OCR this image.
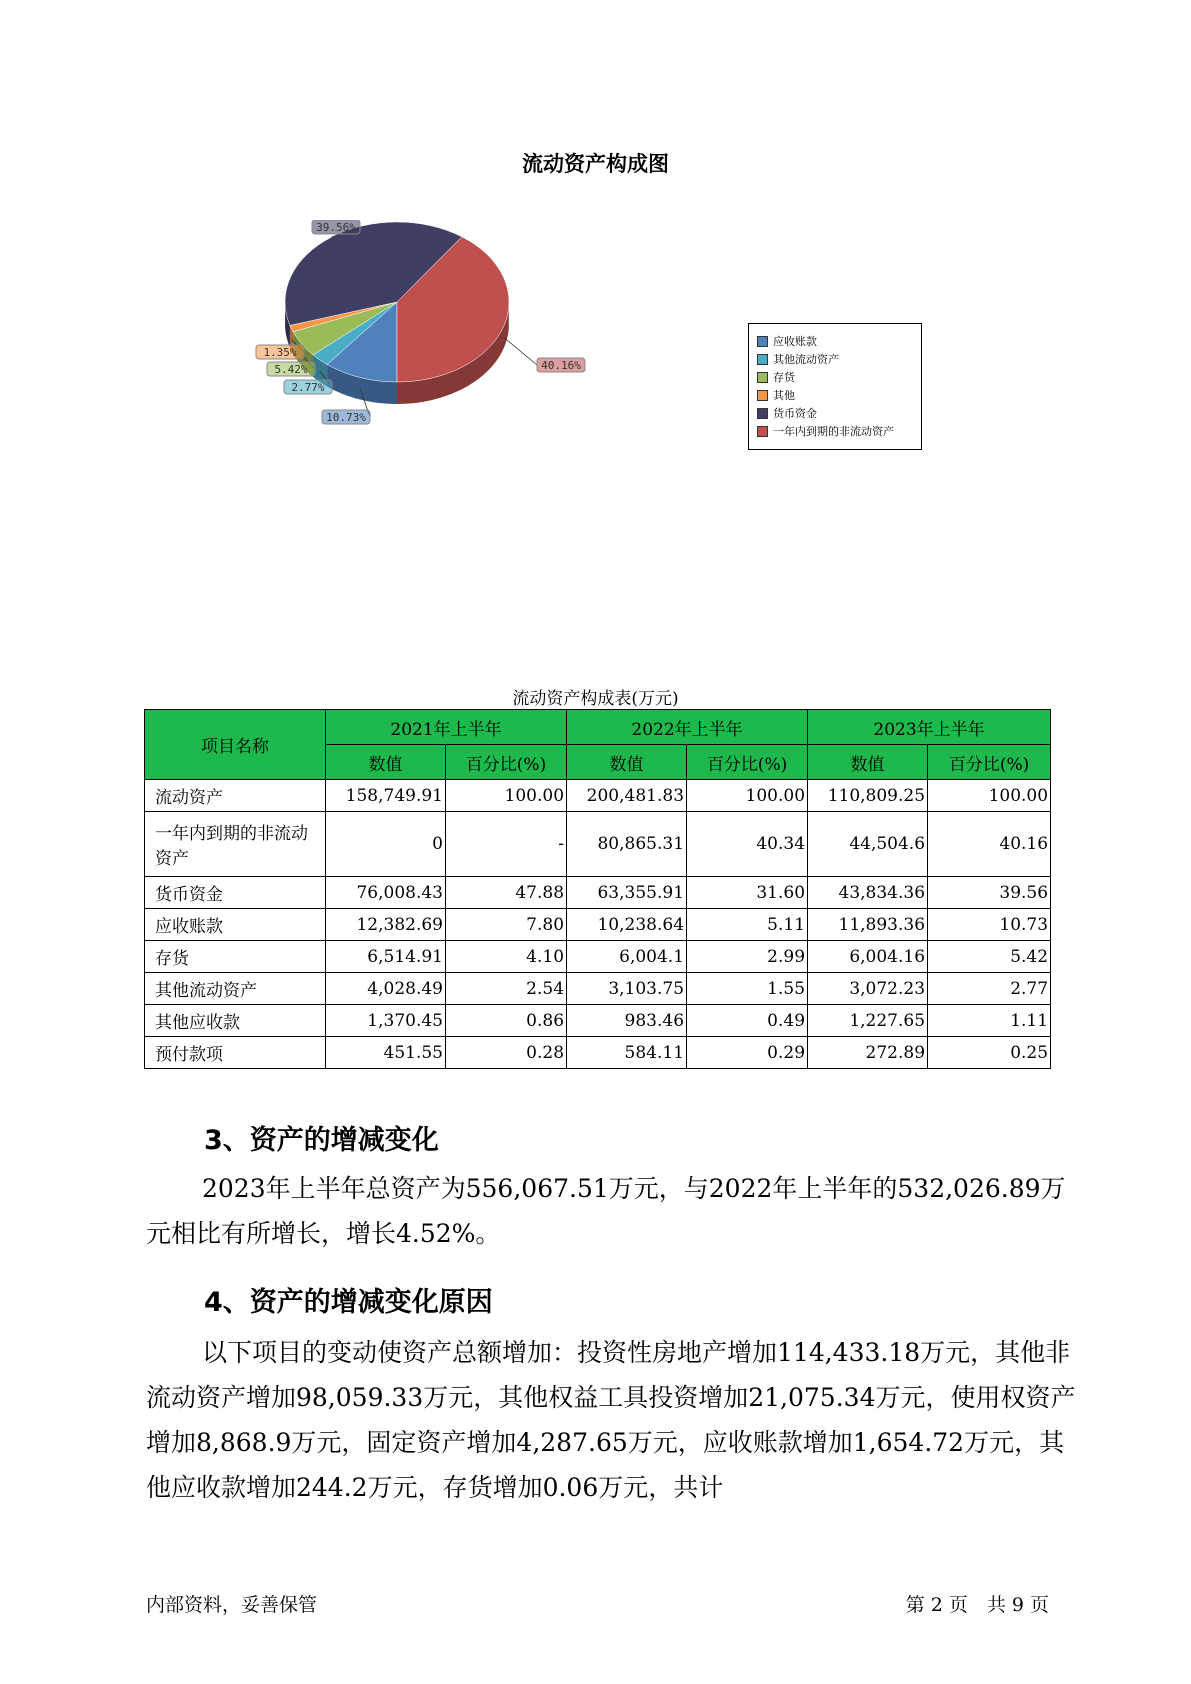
流动资产构成图
10.73%
2.77%
5.42%
1.35%
39.56%
40.16%
应收账款
其他流动资产
存货
其他
货币资金
一年内到期的非流动资产
流动资产构成表(万元)
项目名称	2021年上半年		2022年上半年		2023年上半年	
	数值	百分比(%)	数值	百分比(%)	数值	百分比(%)
流动资产	158,749.91	100.00	200,481.83	100.00	110,809.25	100.00
一年内到期的非流动资产	0	-	80,865.31	40.34	44,504.6	40.16
货币资金	76,008.43	47.88	63,355.91	31.60	43,834.36	39.56
应收账款	12,382.69	7.80	10,238.64	5.11	11,893.36	10.73
存货	6,514.91	4.10	6,004.1	2.99	6,004.16	5.42
其他流动资产	4,028.49	2.54	3,103.75	1.55	3,072.23	2.77
其他应收款	1,370.45	0.86	983.46	0.49	1,227.65	1.11
预付款项	451.55	0.28	584.11	0.29	272.89	0.25
3、资产的增减变化

2023年上半年总资产为556,067.51万元，与2022年上半年的532,026.89万元相比有所增长，增长4.52%。

4、资产的增减变化原因

以下项目的变动使资产总额增加：投资性房地产增加114,433.18万元，其他非流动资产增加98,059.33万元，其他权益工具投资增加21,075.34万元，使用权资产增加8,868.9万元，固定资产增加4,287.65万元，应收账款增加1,654.72万元，其他应收款增加244.2万元，存货增加0.06万元，共计

内部资料，妥善保管	第 2 页　共 9 页
